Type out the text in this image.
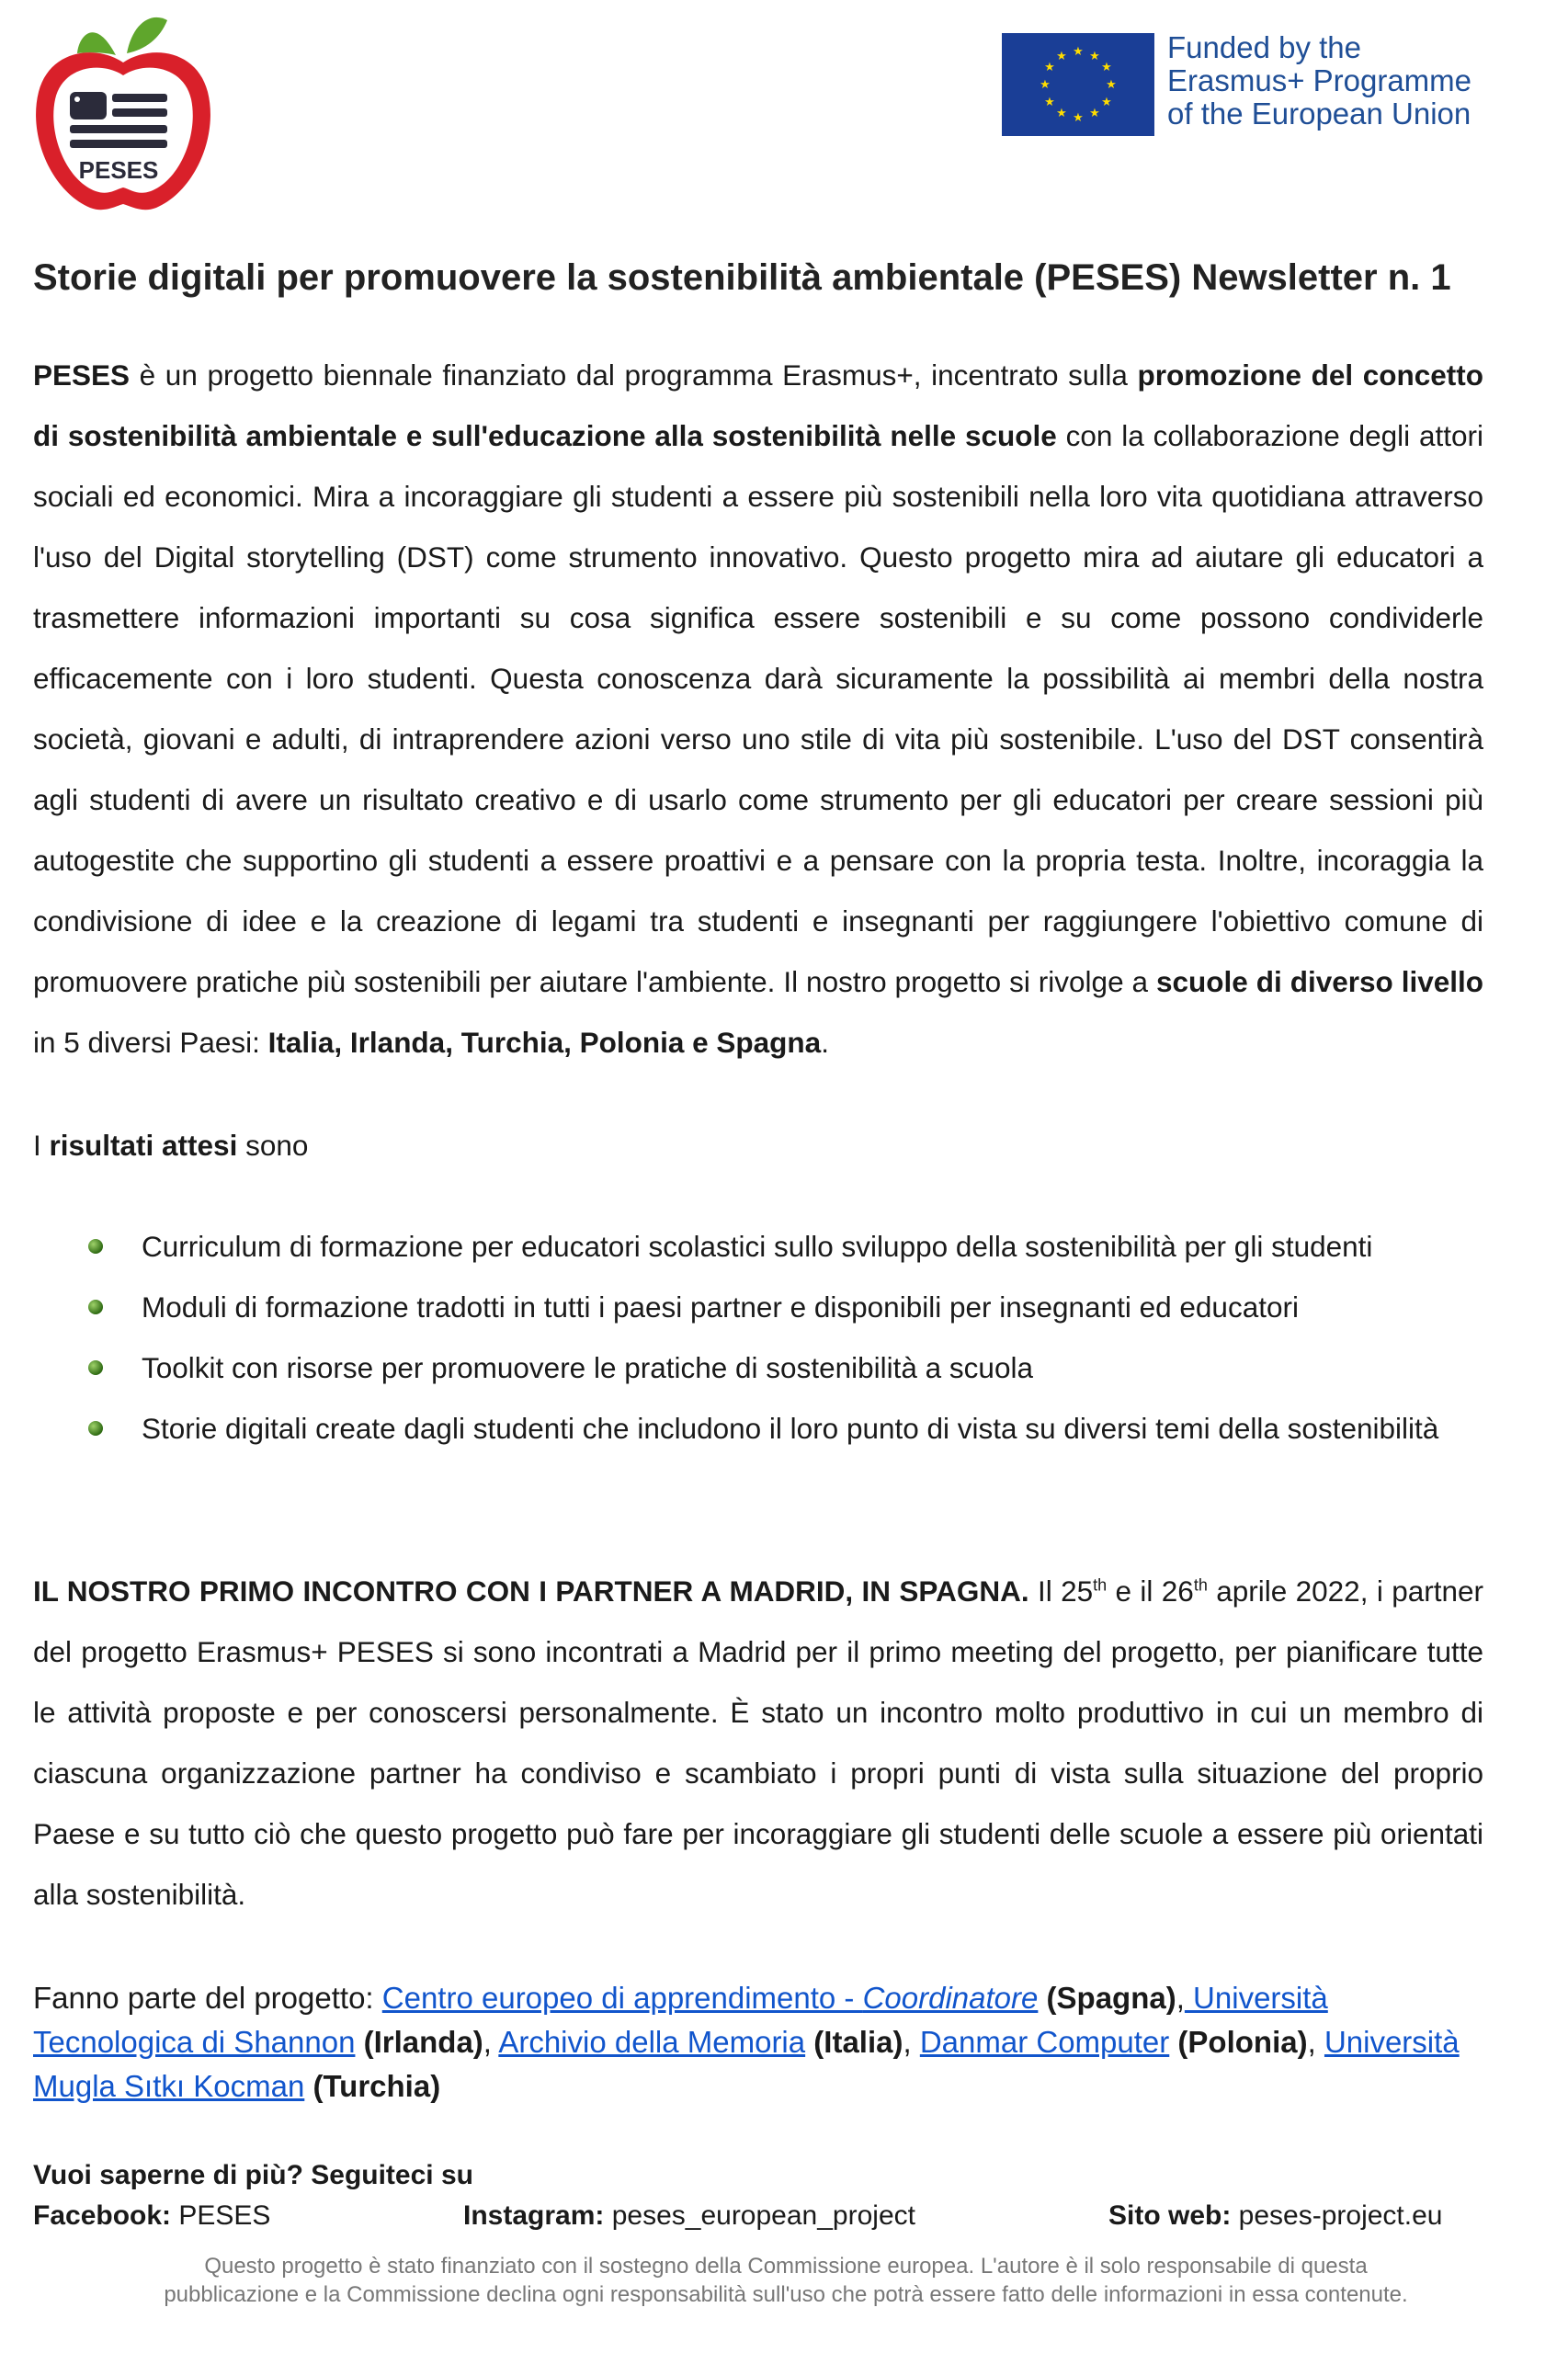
PESES
★ ★
★
★
★
★
★
★
★
★
★
★	Funded by the
Erasmus+ Programme
of the European Union
Storie digitali per promuovere la sostenibilità ambientale (PESES) Newsletter n. 1
PESES è un progetto biennale finanziato dal programma Erasmus+, incentrato sulla promozione del concetto di sostenibilità ambientale e sull'educazione alla sostenibilità nelle scuole con la collaborazione degli attori sociali ed economici. Mira a incoraggiare gli studenti a essere più sostenibili nella loro vita quotidiana attraverso l'uso del Digital storytelling (DST) come strumento innovativo. Questo progetto mira ad aiutare gli educatori a trasmettere informazioni importanti su cosa significa essere sostenibili e su come possono condividerle efficacemente con i loro studenti. Questa conoscenza darà sicuramente la possibilità ai membri della nostra società, giovani e adulti, di intraprendere azioni verso uno stile di vita più sostenibile. L'uso del DST consentirà agli studenti di avere un risultato creativo e di usarlo come strumento per gli educatori per creare sessioni più autogestite che supportino gli studenti a essere proattivi e a pensare con la propria testa. Inoltre, incoraggia la condivisione di idee e la creazione di legami tra studenti e insegnanti per raggiungere l'obiettivo comune di promuovere pratiche più sostenibili per aiutare l'ambiente. Il nostro progetto si rivolge a scuole di diverso livello in 5 diversi Paesi: Italia, Irlanda, Turchia, Polonia e Spagna.
I risultati attesi sono
Curriculum di formazione per educatori scolastici sullo sviluppo della sostenibilità per gli studenti
Moduli di formazione tradotti in tutti i paesi partner e disponibili per insegnanti ed educatori
Toolkit con risorse per promuovere le pratiche di sostenibilità a scuola
Storie digitali create dagli studenti che includono il loro punto di vista su diversi temi della sostenibilità
IL NOSTRO PRIMO INCONTRO CON I PARTNER A MADRID, IN SPAGNA. Il 25th e il 26th aprile 2022, i partner del progetto Erasmus+ PESES si sono incontrati a Madrid per il primo meeting del progetto, per pianificare tutte le attività proposte e per conoscersi personalmente. È stato un incontro molto produttivo in cui un membro di ciascuna organizzazione partner ha condiviso e scambiato i propri punti di vista sulla situazione del proprio Paese e su tutto ciò che questo progetto può fare per incoraggiare gli studenti delle scuole a essere più orientati alla sostenibilità.
Fanno parte del progetto: Centro europeo di apprendimento - Coordinatore (Spagna), Università Tecnologica di Shannon (Irlanda), Archivio della Memoria (Italia), Danmar Computer (Polonia), Università Mugla Sıtkı Kocman (Turchia)
Vuoi saperne di più? Seguiteci su
Facebook: PESES	Instagram: peses_european_project	Sito web: peses-project.eu
Questo progetto è stato finanziato con il sostegno della Commissione europea. L'autore è il solo responsabile di questa
pubblicazione e la Commissione declina ogni responsabilità sull'uso che potrà essere fatto delle informazioni in essa contenute.
